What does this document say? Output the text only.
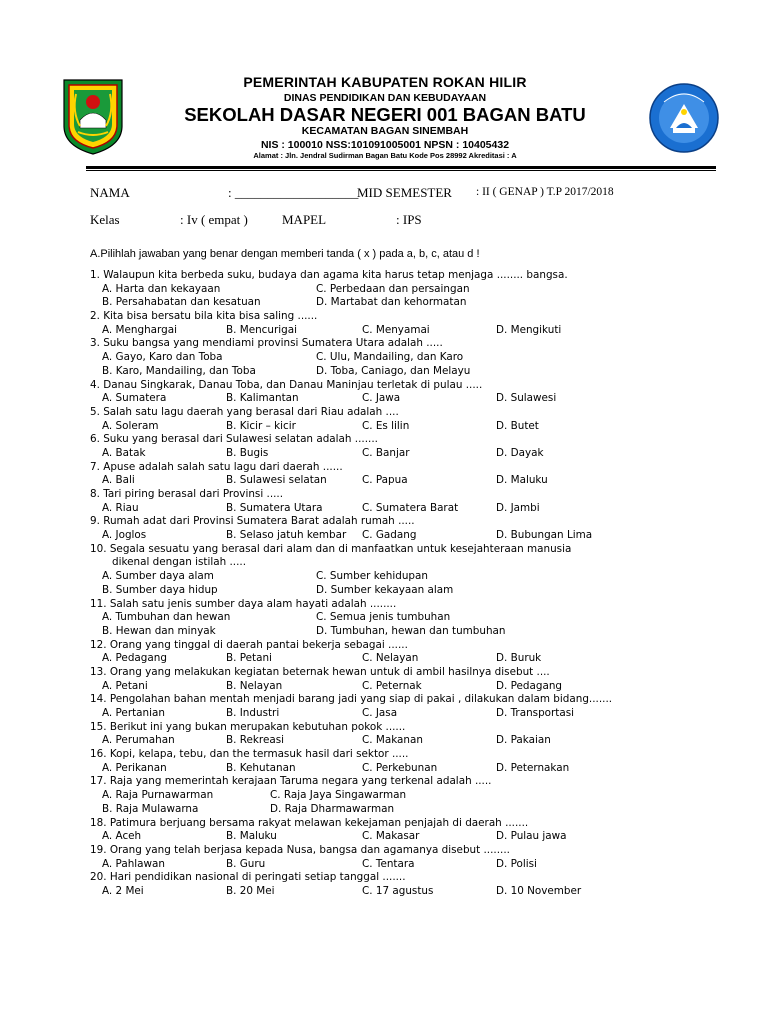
PEMERINTAH KABUPATEN ROKAN HILIR
DINAS PENDIDIKAN DAN KEBUDAYAAN
SEKOLAH DASAR NEGERI 001 BAGAN BATU
KECAMATAN BAGAN SINEMBAH
NIS : 100010 NSS:101091005001 NPSN : 10405432
Alamat : Jln. Jendral Sudirman Bagan Batu Kode Pos 28992 Akreditasi : A
NAMA	: ___________________
MID SEMESTER : II ( GENAP ) T.P 2017/2018
Kelas	: Iv ( empat )	MAPEL	: IPS
A.Pilihlah jawaban yang benar dengan memberi tanda ( x ) pada a, b, c, atau d !
1. Walaupun kita berbeda suku, budaya dan agama kita harus tetap menjaga ........ bangsa.
A. Harta dan kekayaan	C. Perbedaan dan persaingan
B. Persahabatan dan kesatuan	D. Martabat dan kehormatan
2. Kita bisa bersatu bila kita bisa saling ......
A. Menghargai	B. Mencurigai	C. Menyamai	D. Mengikuti
3. Suku bangsa yang mendiami provinsi Sumatera Utara adalah .....
A. Gayo, Karo dan Toba	C. Ulu, Mandailing, dan Karo
B. Karo, Mandailing, dan Toba	D. Toba, Caniago, dan Melayu
4. Danau Singkarak, Danau Toba, dan Danau Maninjau terletak di pulau .....
A. Sumatera	B. Kalimantan	C. Jawa	D. Sulawesi
5. Salah satu lagu daerah yang berasal dari Riau adalah ....
A. Soleram	B. Kicir – kicir	C. Es lilin	D. Butet
6. Suku yang berasal dari Sulawesi selatan adalah .......
A. Batak	B. Bugis	C. Banjar	D. Dayak
7. Apuse adalah salah satu lagu dari daerah ......
A. Bali	B. Sulawesi selatan	C. Papua	D. Maluku
8. Tari piring berasal dari Provinsi .....
A. Riau	B. Sumatera Utara	C. Sumatera Barat	D. Jambi
9. Rumah adat dari Provinsi Sumatera Barat adalah rumah .....
A. Joglos	B. Selaso jatuh kembar C. Gadang	D. Bubungan Lima
10. Segala sesuatu yang berasal dari alam dan di manfaatkan untuk kesejahteraan manusia
dikenal dengan istilah .....
A. Sumber daya alam	C. Sumber kehidupan
B. Sumber daya hidup	D. Sumber kekayaan alam
11. Salah satu jenis sumber daya alam hayati adalah ........
A. Tumbuhan dan hewan	C. Semua jenis tumbuhan
B. Hewan dan minyak	D. Tumbuhan, hewan dan tumbuhan
12. Orang yang tinggal di daerah pantai bekerja sebagai ......
A. Pedagang	B. Petani	C. Nelayan	D. Buruk
13. Orang yang melakukan kegiatan beternak hewan untuk di ambil hasilnya disebut ....
A. Petani	B. Nelayan	C. Peternak	D. Pedagang
14. Pengolahan bahan mentah menjadi barang jadi yang siap di pakai , dilakukan dalam bidang.......
A. Pertanian	B. Industri	C. Jasa	D. Transportasi
15. Berikut ini yang bukan merupakan kebutuhan pokok ......
A. Perumahan	B. Rekreasi	C. Makanan	D. Pakaian
16. Kopi, kelapa, tebu, dan the termasuk hasil dari sektor .....
A. Perikanan	B. Kehutanan	C. Perkebunan	D. Peternakan
17. Raja yang memerintah kerajaan Taruma negara yang terkenal adalah .....
A. Raja Purnawarman	C. Raja Jaya Singawarman
B. Raja Mulawarna	D. Raja Dharmawarman
18. Patimura berjuang bersama rakyat melawan kekejaman penjajah di daerah .......
A. Aceh	B. Maluku	C. Makasar	D. Pulau jawa
19. Orang yang telah berjasa kepada Nusa, bangsa dan agamanya disebut ........
A. Pahlawan	B. Guru	C. Tentara	D. Polisi
20. Hari pendidikan nasional di peringati setiap tanggal .......
A. 2 Mei	B. 20 Mei	C. 17 agustus	D. 10 November
